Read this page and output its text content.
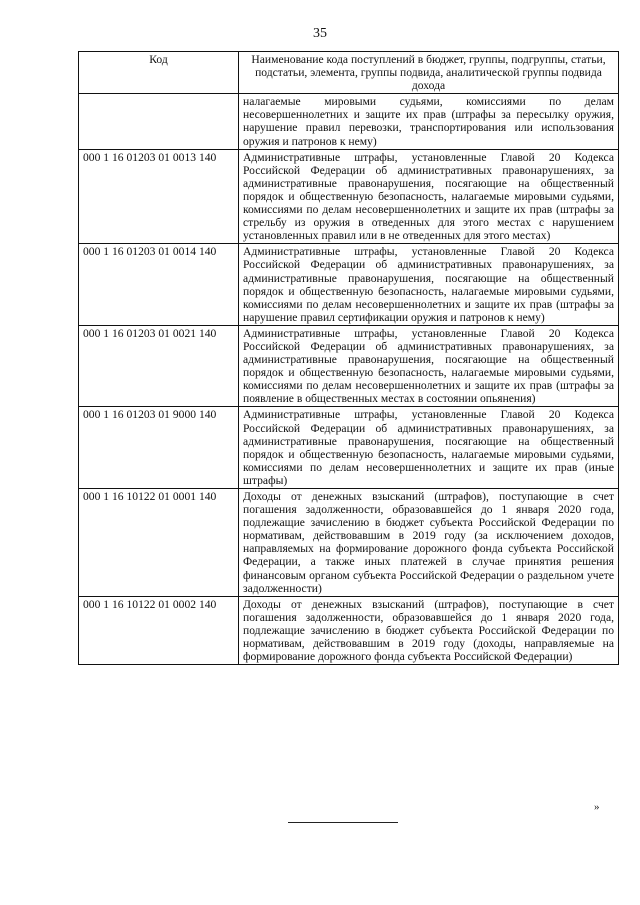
35
Код	Наименование кода поступлений в бюджет, группы, подгруппы, статьи, подстатьи, элемента, группы подвида, аналитической группы подвида дохода
	налагаемые мировыми судьями, комиссиями по делам несовершеннолетних и защите их прав (штрафы за пересылку оружия, нарушение правил перевозки, транспортирования или использования оружия и патронов к нему)
000 1 16 01203 01 0013 140	Административные штрафы, установленные Главой 20 Кодекса Российской Федерации об административных правонарушениях, за административные правонарушения, посягающие на общественный порядок и общественную безопасность, налагаемые мировыми судьями, комиссиями по делам несовершеннолетних и защите их прав (штрафы за стрельбу из оружия в отведенных для этого местах с нарушением установленных правил или в не отведенных для этого местах)
000 1 16 01203 01 0014 140	Административные штрафы, установленные Главой 20 Кодекса Российской Федерации об административных правонарушениях, за административные правонарушения, посягающие на общественный порядок и общественную безопасность, налагаемые мировыми судьями, комиссиями по делам несовершеннолетних и защите их прав (штрафы за нарушение правил сертификации оружия и патронов к нему)
000 1 16 01203 01 0021 140	Административные штрафы, установленные Главой 20 Кодекса Российской Федерации об административных правонарушениях, за административные правонарушения, посягающие на общественный порядок и общественную безопасность, налагаемые мировыми судьями, комиссиями по делам несовершеннолетних и защите их прав (штрафы за появление в общественных местах в состоянии опьянения)
000 1 16 01203 01 9000 140	Административные штрафы, установленные Главой 20 Кодекса Российской Федерации об административных правонарушениях, за административные правонарушения, посягающие на общественный порядок и общественную безопасность, налагаемые мировыми судьями, комиссиями по делам несовершеннолетних и защите их прав (иные штрафы)
000 1 16 10122 01 0001 140	Доходы от денежных взысканий (штрафов), поступающие в счет погашения задолженности, образовавшейся до 1 января 2020 года, подлежащие зачислению в бюджет субъекта Российской Федерации по нормативам, действовавшим в 2019 году (за исключением доходов, направляемых на формирование дорожного фонда субъекта Российской Федерации, а также иных платежей в случае принятия решения финансовым органом субъекта Российской Федерации о раздельном учете задолженности)
000 1 16 10122 01 0002 140	Доходы от денежных взысканий (штрафов), поступающие в счет погашения задолженности, образовавшейся до 1 января 2020 года, подлежащие зачислению в бюджет субъекта Российской Федерации по нормативам, действовавшим в 2019 году (доходы, направляемые на формирование дорожного фонда субъекта Российской Федерации)
»
